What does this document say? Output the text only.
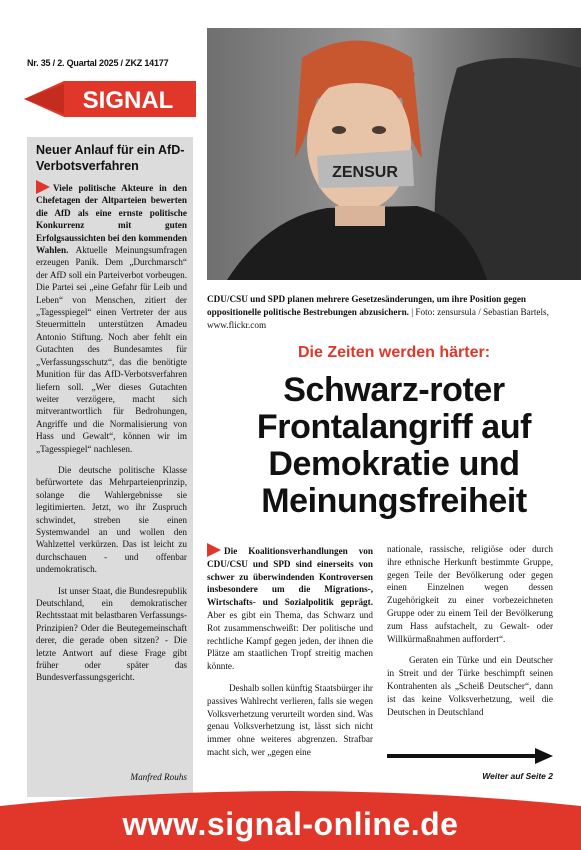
Nr. 35 / 2. Quartal 2025 / ZKZ 14177
SIGNAL
ZENSUR
CDU/CSU und SPD planen mehrere Gesetzesänderungen, um ihre Position gegen oppositionelle politische Bestrebungen abzusichern. | Foto: zensursula / Sebastian Bartels, www.flickr.com
Neuer Anlauf für ein AfD-Verbotsverfahren

Viele politische Akteure in den Chefetagen der Altparteien bewerten die AfD als eine ernste politische Konkurrenz mit guten Erfolgsaussichten bei den kommenden Wahlen. Aktuelle Meinungsumfragen erzeugen Panik. Dem „Durchmarsch“ der AfD soll ein Parteiverbot vorbeugen. Die Partei sei „eine Gefahr für Leib und Leben“ von Menschen, zitiert der „Tagesspiegel“ einen Vertreter der aus Steuermitteln unterstützen Amadeu Antonio Stiftung. Noch aber fehlt ein Gutachten des Bundesamtes für „Verfassungsschutz“, das die benötigte Munition für das AfD-Verbotsverfahren liefern soll. „Wer dieses Gutachten weiter verzögere, macht sich mitverantwortlich für Bedrohungen, Angriffe und die Normalisierung von Hass und Gewalt“, können wir im „Tagesspiegel“ nachlesen.

Die deutsche politische Klasse befürwortete das Mehrparteienprinzip, solange die Wahlergebnisse sie legitimierten. Jetzt, wo ihr Zuspruch schwindet, streben sie einen Systemwandel an und wollen den Wahlzettel verkürzen. Das ist leicht zu durchschauen - und offenbar undemokratisch.

Ist unser Staat, die Bundesrepublik Deutschland, ein demokratischer Rechtsstaat mit belastbaren Verfassungs-Prinzipien? Oder die Beutegemeinschaft derer, die gerade oben sitzen? - Die letzte Antwort auf diese Frage gibt früher oder später das Bundesverfassungsgericht.

Manfred Rouhs
Die Zeiten werden härter:
Schwarz-roter Frontalangriff auf Demokratie und Meinungsfreiheit

Die Koalitionsverhandlungen von CDU/CSU und SPD sind einerseits von schwer zu überwindenden Kontroversen insbesondere um die Migrations-, Wirtschafts- und Sozialpolitik geprägt. Aber es gibt ein Thema, das Schwarz und Rot zusammenschweißt: Der politische und rechtliche Kampf gegen jeden, der ihnen die Plätze am staatlichen Tropf streitig machen könnte.

Deshalb sollen künftig Staatsbürger ihr passives Wahlrecht verlieren, falls sie wegen Volksverhetzung verurteilt worden sind. Was genau Volksverhetzung ist, lässt sich nicht immer ohne weiteres abgrenzen. Strafbar macht sich, wer „gegen eine

nationale, rassische, religiöse oder durch ihre ethnische Herkunft bestimmte Gruppe, gegen Teile der Bevölkerung oder gegen einen Einzelnen wegen dessen Zugehörigkeit zu einer vorbezeichneten Gruppe oder zu einem Teil der Bevölkerung zum Hass aufstachelt, zu Gewalt- oder Willkürmaßnahmen auffordert“.

Geraten ein Türke und ein Deutscher in Streit und der Türke beschimpft seinen Kontrahenten als „Scheiß Deutscher“, dann ist das keine Volksverhetzung, weil die Deutschen in Deutschland

Weiter auf Seite 2
www.signal-online.de
